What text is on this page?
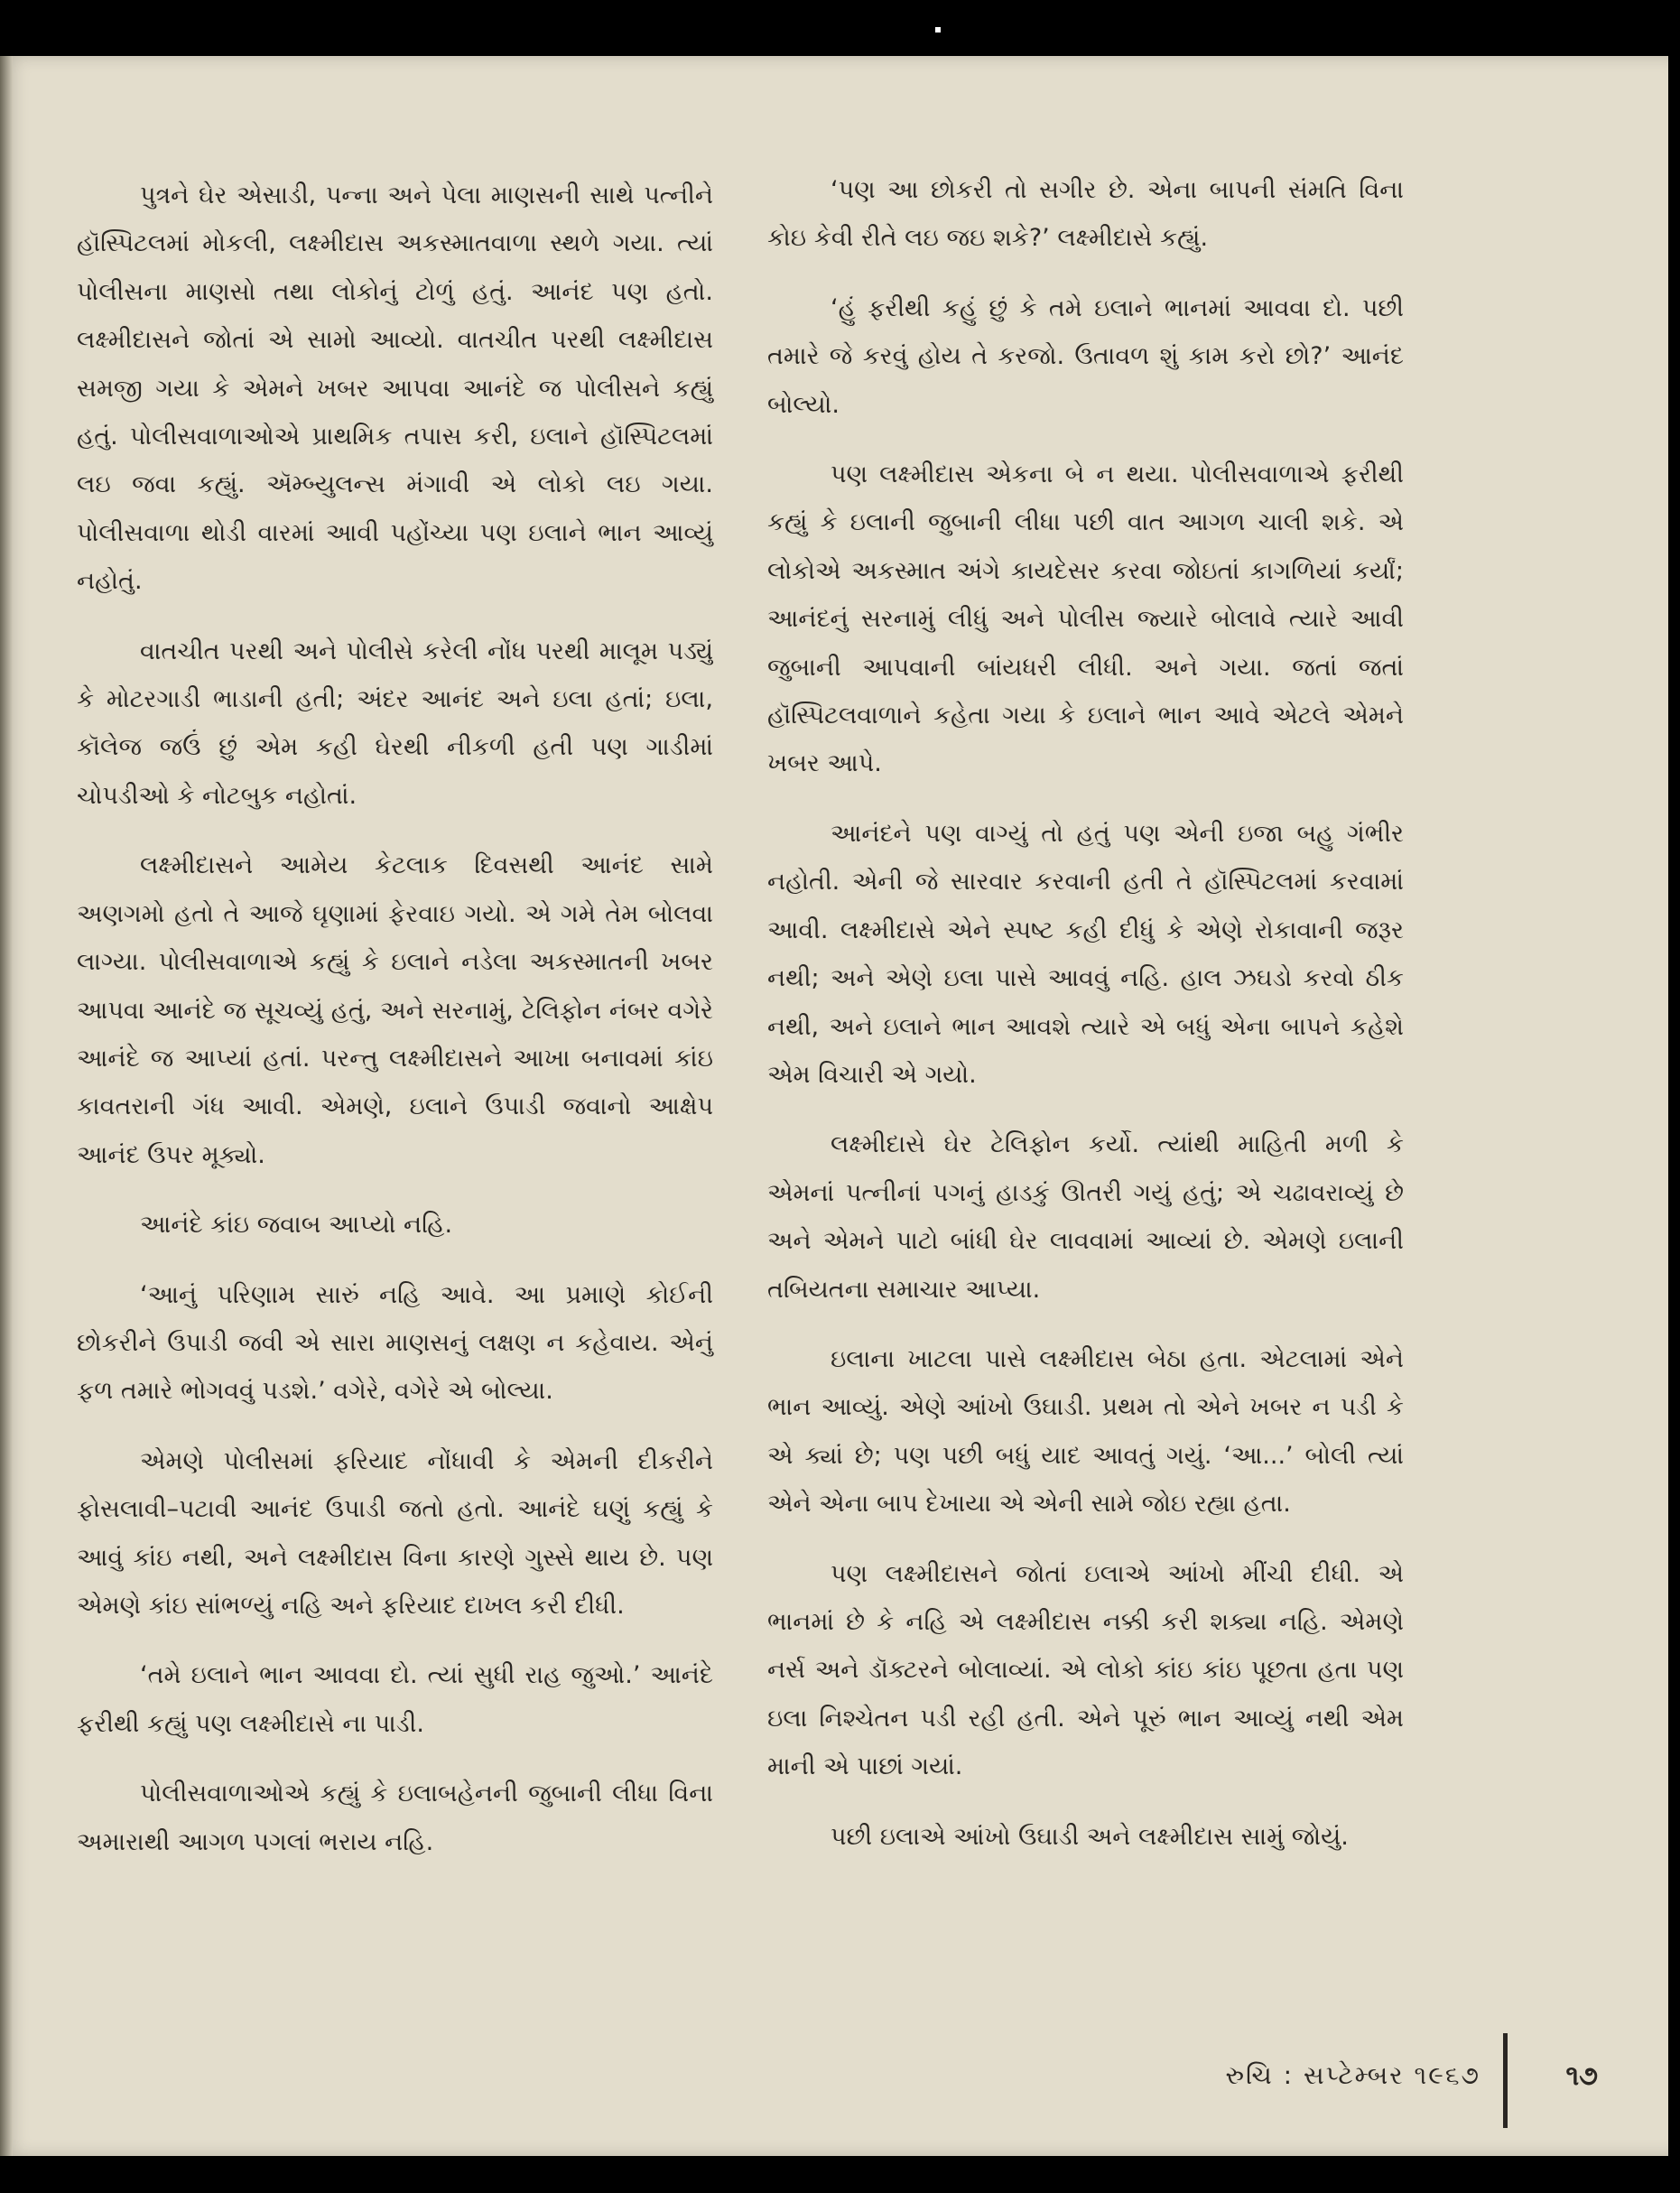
પુત્રને ઘેર એસાડી, પન્ના અને પેલા માણસની સાથે પત્નીને હૉસ્પિટલમાં મોકલી, લક્ષ્મીદાસ અકસ્માતવાળા સ્થળે ગયા. ત્યાં પોલીસના માણસો તથા લોકોનું ટોળું હતું. આનંદ પણ હતો. લક્ષ્મીદાસને જોતાં એ સામો આવ્યો. વાતચીત પરથી લક્ષ્મીદાસ સમજી ગયા કે એમને ખબર આપવા આનંદે જ પોલીસને કહ્યું હતું. પોલીસવાળાઓએ પ્રાથમિક તપાસ કરી, ઇલાને હૉસ્પિટલમાં લઇ જવા કહ્યું. ઍમ્બ્યુલન્સ મંગાવી એ લોકો લઇ ગયા. પોલીસવાળા થોડી વારમાં આવી પહોંચ્યા પણ ઇલાને ભાન આવ્યું નહોતું.

વાતચીત પરથી અને પોલીસે કરેલી નોંધ પરથી માલૂમ પડ્યું કે મોટરગાડી ભાડાની હતી; અંદર આનંદ અને ઇલા હતાં; ઇલા, કૉલેજ જઉં છું એમ કહી ઘેરથી નીકળી હતી પણ ગાડીમાં ચોપડીઓ કે નોટબુક નહોતાં.

લક્ષ્મીદાસને આમેય કેટલાક દિવસથી આનંદ સામે અણગમો હતો તે આજે ઘૃણામાં ફેરવાઇ ગયો. એ ગમે તેમ બોલવા લાગ્યા. પોલીસવાળાએ કહ્યું કે ઇલાને નડેલા અકસ્માતની ખબર આપવા આનંદે જ સૂચવ્યું હતું, અને સરનામું, ટેલિફોન નંબર વગેરે આનંદે જ આપ્યાં હતાં. પરન્તુ લક્ષ્મીદાસને આખા બનાવમાં કાંઇ કાવતરાની ગંધ આવી. એમણે, ઇલાને ઉપાડી જવાનો આક્ષેપ આનંદ ઉપર મૂક્યો.

આનંદે કાંઇ જવાબ આપ્યો નહિ.

‘આનું પરિણામ સારું નહિ આવે. આ પ્રમાણે કોઈની છોકરીને ઉપાડી જવી એ સારા માણસનું લક્ષણ ન કહેવાય. એનું ફળ તમારે ભોગવવું પડશે.’ વગેરે, વગેરે એ બોલ્યા.

એમણે પોલીસમાં ફરિયાદ નોંધાવી કે એમની દીકરીને ફોસલાવી–પટાવી આનંદ ઉપાડી જતો હતો. આનંદે ઘણું કહ્યું કે આવું કાંઇ નથી, અને લક્ષ્મીદાસ વિના કારણે ગુસ્સે થાય છે. પણ એમણે કાંઇ સાંભળ્યું નહિ અને ફરિયાદ દાખલ કરી દીધી.

‘તમે ઇલાને ભાન આવવા દો. ત્યાં સુધી રાહ જુઓ.’ આનંદે ફરીથી કહ્યું પણ લક્ષ્મીદાસે ના પાડી.

પોલીસવાળાઓએ કહ્યું કે ઇલાબહેનની જુબાની લીધા વિના અમારાથી આગળ પગલાં ભરાય નહિ.

‘પણ આ છોકરી તો સગીર છે. એના બાપની સંમતિ વિના કોઇ કેવી રીતે લઇ જઇ શકે?’ લક્ષ્મીદાસે કહ્યું.

‘હું ફરીથી કહું છું કે તમે ઇલાને ભાનમાં આવવા દો. પછી તમારે જે કરવું હોય તે કરજો. ઉતાવળ શું કામ કરો છો?’ આનંદ બોલ્યો.

પણ લક્ષ્મીદાસ એકના બે ન થયા. પોલીસવાળાએ ફરીથી કહ્યું કે ઇલાની જુબાની લીધા પછી વાત આગળ ચાલી શકે. એ લોકોએ અકસ્માત અંગે કાયદેસર કરવા જોઇતાં કાગળિયાં કર્યાં; આનંદનું સરનામું લીધું અને પોલીસ જ્યારે બોલાવે ત્યારે આવી જુબાની આપવાની બાંયધરી લીધી. અને ગયા. જતાં જતાં હૉસ્પિટલવાળાને કહેતા ગયા કે ઇલાને ભાન આવે એટલે એમને ખબર આપે.

આનંદને પણ વાગ્યું તો હતું પણ એની ઇજા બહુ ગંભીર નહોતી. એની જે સારવાર કરવાની હતી તે હૉસ્પિટલમાં કરવામાં આવી. લક્ષ્મીદાસે એને સ્પષ્ટ કહી દીધું કે એણે રોકાવાની જરૂર નથી; અને એણે ઇલા પાસે આવવું નહિ. હાલ ઝઘડો કરવો ઠીક નથી, અને ઇલાને ભાન આવશે ત્યારે એ બધું એના બાપને કહેશે એમ વિચારી એ ગયો.

લક્ષ્મીદાસે ઘેર ટેલિફોન કર્યો. ત્યાંથી માહિતી મળી કે એમનાં પત્નીનાં પગનું હાડકું ઊતરી ગયું હતું; એ ચઢાવરાવ્યું છે અને એમને પાટો બાંધી ઘેર લાવવામાં આવ્યાં છે. એમણે ઇલાની તબિયતના સમાચાર આપ્યા.

ઇલાના ખાટલા પાસે લક્ષ્મીદાસ બેઠા હતા. એટલામાં એને ભાન આવ્યું. એણે આંખો ઉઘાડી. પ્રથમ તો એને ખબર ન પડી કે એ ક્યાં છે; પણ પછી બધું યાદ આવતું ગયું. ‘આ...’ બોલી ત્યાં એને એના બાપ દેખાયા એ એની સામે જોઇ રહ્યા હતા.

પણ લક્ષ્મીદાસને જોતાં ઇલાએ આંખો મીંચી દીધી. એ ભાનમાં છે કે નહિ એ લક્ષ્મીદાસ નક્કી કરી શક્યા નહિ. એમણે નર્સ અને ડૉક્ટરને બોલાવ્યાં. એ લોકો કાંઇ કાંઇ પૂછતા હતા પણ ઇલા નિશ્ચેતન પડી રહી હતી. એને પૂરું ભાન આવ્યું નથી એમ માની એ પાછાં ગયાં.

પછી ઇલાએ આંખો ઉઘાડી અને લક્ષ્મીદાસ સામું જોયું.

રુચિ : સપ્ટેમ્બર ૧૯૬૭	૧૭
